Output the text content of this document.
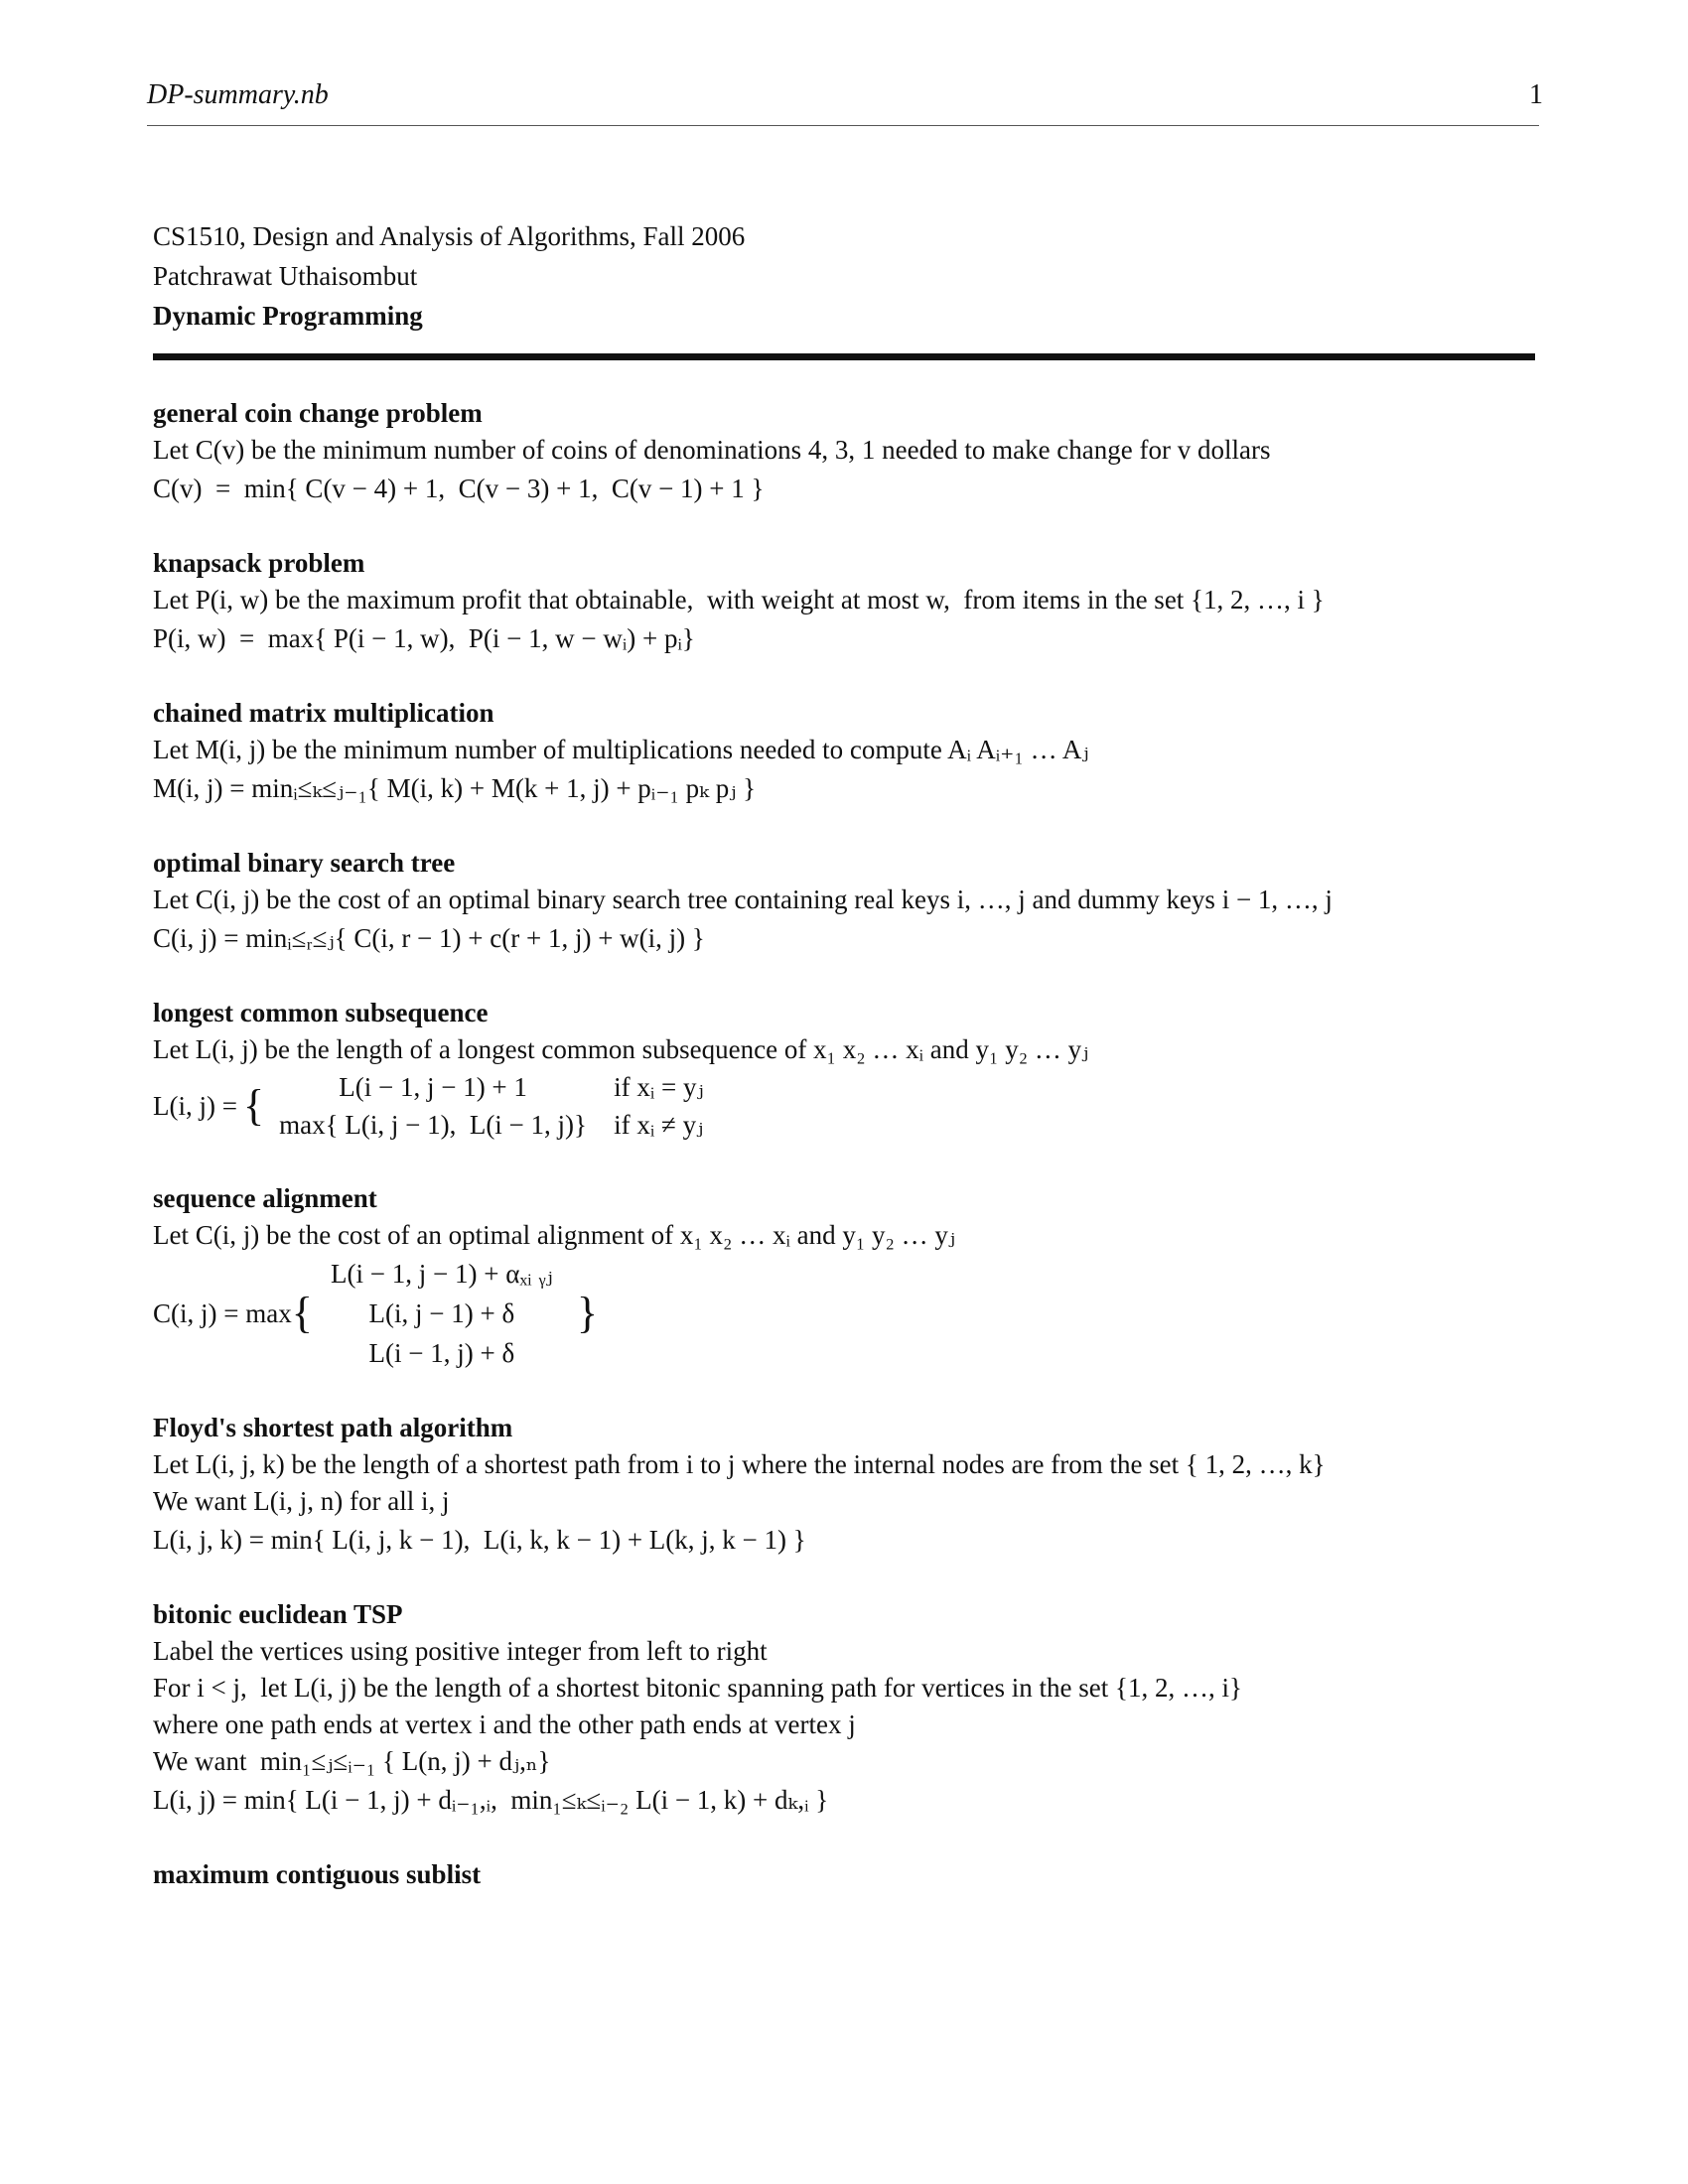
DP-summary.nb	1
CS1510, Design and Analysis of Algorithms, Fall 2006
Patchrawat Uthaisombut
Dynamic Programming
general coin change problem
Let C(v) be the minimum number of coins of denominations 4, 3, 1 needed to make change for v dollars
C(v)  =  min{ C(v − 4) + 1,  C(v − 3) + 1,  C(v − 1) + 1 }
knapsack problem
Let P(i, w) be the maximum profit that obtainable,  with weight at most w,  from items in the set {1, 2, …, i }
P(i, w)  =  max{ P(i − 1, w),  P(i − 1, w − wᵢ) + pᵢ}
chained matrix multiplication
Let M(i, j) be the minimum number of multiplications needed to compute Aᵢ Aᵢ₊₁ … Aⱼ
M(i, j) = minᵢ≤ₖ≤ⱼ₋₁{ M(i, k) + M(k + 1, j) + pᵢ₋₁ pₖ pⱼ }
optimal binary search tree
Let C(i, j) be the cost of an optimal binary search tree containing real keys i, …, j and dummy keys i − 1, …, j
C(i, j) = minᵢ≤ᵣ≤ⱼ{ C(i, r − 1) + c(r + 1, j) + w(i, j) }
longest common subsequence
Let L(i, j) be the length of a longest common subsequence of x₁ x₂ … xᵢ and y₁ y₂ … yⱼ
L(i, j) = {	L(i − 1, j − 1) + 1	if xᵢ = yⱼ
max{ L(i, j − 1),  L(i − 1, j)}	if xᵢ ≠ yⱼ
sequence alignment
Let C(i, j) be the cost of an optimal alignment of x₁ x₂ … xᵢ and y₁ y₂ … yⱼ
C(i, j) = max {
L(i − 1, j − 1) + αₓᵢ ᵧⱼ
L(i, j − 1) + δ
L(i − 1, j) + δ
}
Floyd's shortest path algorithm
Let L(i, j, k) be the length of a shortest path from i to j where the internal nodes are from the set { 1, 2, …, k}
We want L(i, j, n) for all i, j
L(i, j, k) = min{ L(i, j, k − 1),  L(i, k, k − 1) + L(k, j, k − 1) }
bitonic euclidean TSP
Label the vertices using positive integer from left to right
For i < j,  let L(i, j) be the length of a shortest bitonic spanning path for vertices in the set {1, 2, …, i}
where one path ends at vertex i and the other path ends at vertex j
We want  min₁≤ⱼ≤ᵢ₋₁ { L(n, j) + dⱼ,ₙ}
L(i, j) = min{ L(i − 1, j) + dᵢ₋₁,ᵢ,  min₁≤ₖ≤ᵢ₋₂ L(i − 1, k) + dₖ,ᵢ }
maximum contiguous sublist
